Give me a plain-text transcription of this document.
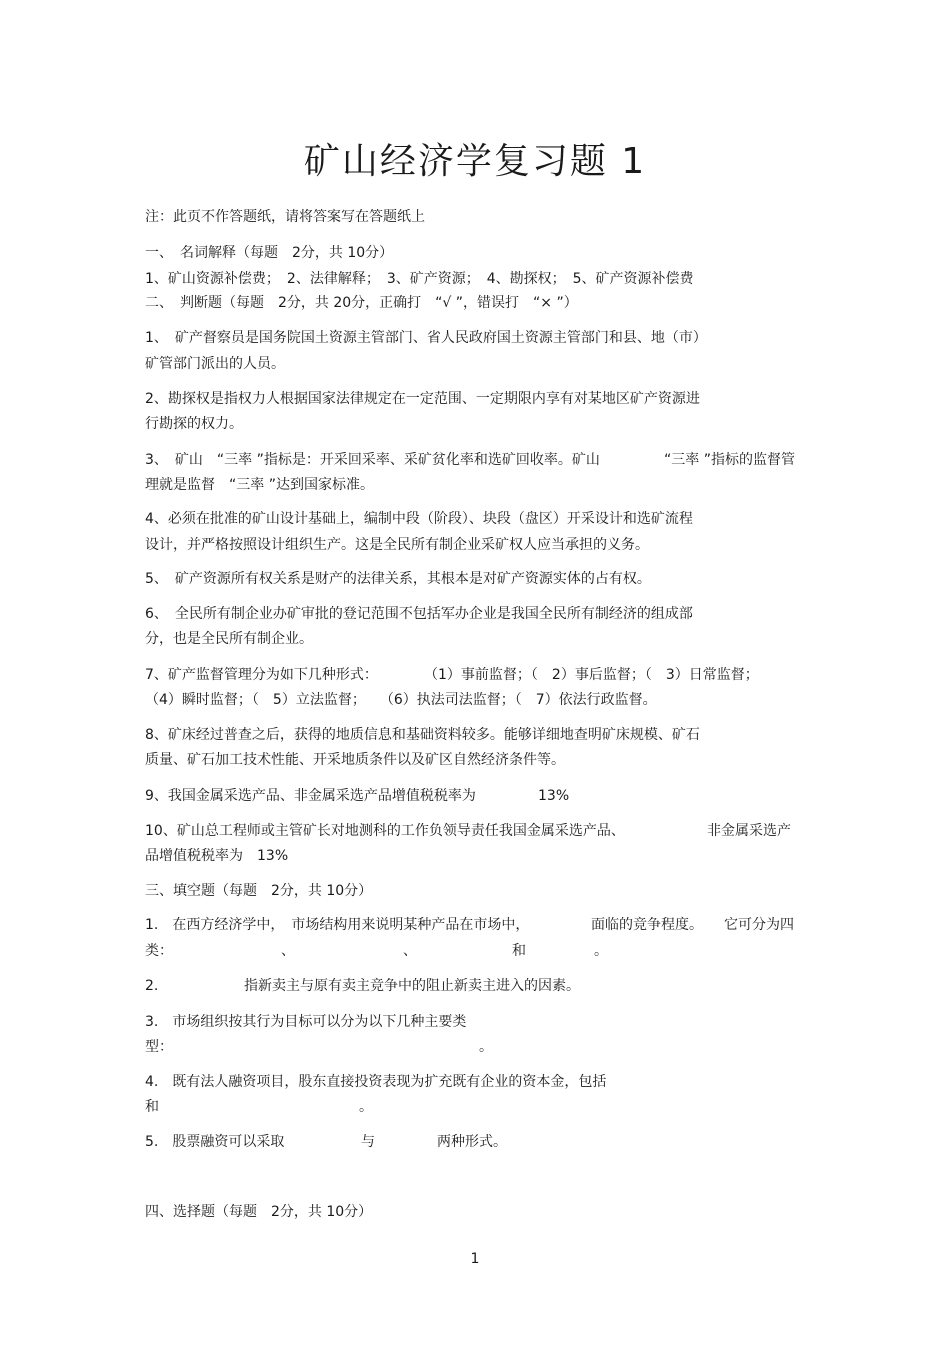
矿山经济学复习题 1
注：此页不作答题纸，请将答案写在答题纸上
一、　名词解释（每题　2分，共 10分）
1、矿山资源补偿费；　2、法律解释；　3、矿产资源；　4、勘探权；　5、矿产资源补偿费
二、　判断题（每题　2分，共 20分，正确打　“√ ”，错误打　“× ”）
1、　矿产督察员是国务院国土资源主管部门、省人民政府国土资源主管部门和县、地（市）
矿管部门派出的人员。
2、勘探权是指权力人根据国家法律规定在一定范围、一定期限内享有对某地区矿产资源进
行勘探的权力。
3、　矿山　“三率 ”指标是：开采回采率、采矿贫化率和选矿回收率。矿山	“三率 ”指标的监督管
理就是监督　“三率 ”达到国家标准。
4、必须在批准的矿山设计基础上，编制中段（阶段）、块段（盘区）开采设计和选矿流程
设计，并严格按照设计组织生产。这是全民所有制企业采矿权人应当承担的义务。
5、　矿产资源所有权关系是财产的法律关系，其根本是对矿产资源实体的占有权。
6、　全民所有制企业办矿审批的登记范围不包括军办企业是我国全民所有制经济的组成部
分，也是全民所有制企业。
7、矿产监督管理分为如下几种形式：	（1）事前监督；（　2）事后监督；（　3）日常监督；
（4）瞬时监督；（　5）立法监督；　　（6）执法司法监督；（　7）依法行政监督。
8、矿床经过普查之后，获得的地质信息和基础资料较多。能够详细地查明矿床规模、矿石
质量、矿石加工技术性能、开采地质条件以及矿区自然经济条件等。
9、我国金属采选产品、非金属采选产品增值税税率为	13%
10、矿山总工程师或主管矿长对地测科的工作负领导责任我国金属采选产品、	非金属采选产
品增值税税率为　13%
三、填空题（每题　2分，共 10分）
1.　在西方经济学中，　市场结构用来说明某种产品在市场中，	面临的竞争程度。 它可分为四
类：	、	、	和	。
2.	指新卖主与原有卖主竞争中的阻止新卖主进入的因素。
3.　市场组织按其行为目标可以分为以下几种主要类
型：	。
4.　既有法人融资项目，股东直接投资表现为扩充既有企业的资本金，包括
和	。
5.　股票融资可以采取	与	两种形式。
四、选择题（每题　2分，共 10分）
1
